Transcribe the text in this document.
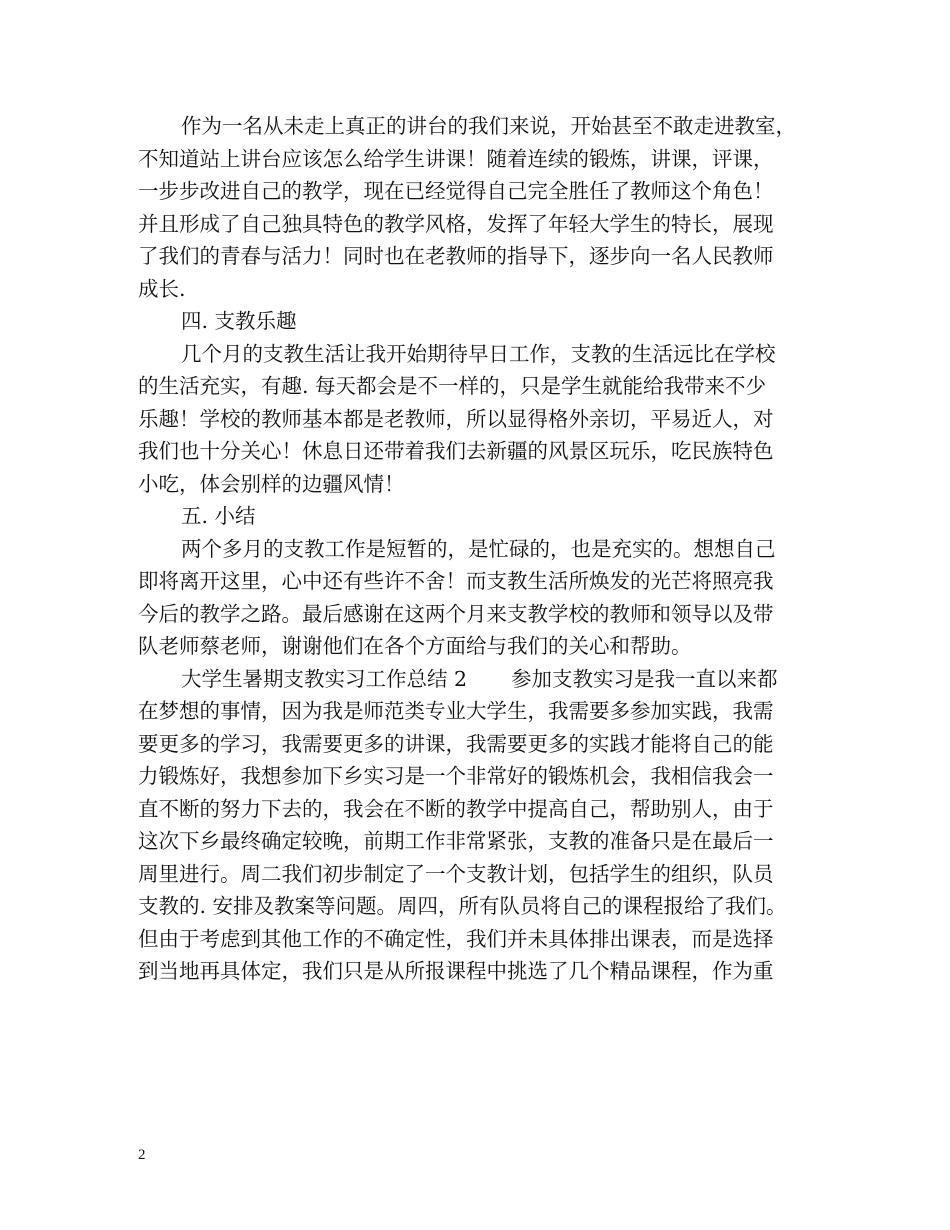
作为一名从未走上真正的讲台的我们来说，开始甚至不敢走进教室，
不知道站上讲台应该怎么给学生讲课！随着连续的锻炼，讲课，评课，
一步步改进自己的教学，现在已经觉得自己完全胜任了教师这个角色！
并且形成了自己独具特色的教学风格，发挥了年轻大学生的特长，展现
了我们的青春与活力！同时也在老教师的指导下，逐步向一名人民教师
成长.
四. 支教乐趣
几个月的支教生活让我开始期待早日工作，支教的生活远比在学校
的生活充实，有趣. 每天都会是不一样的，只是学生就能给我带来不少
乐趣！学校的教师基本都是老教师，所以显得格外亲切，平易近人，对
我们也十分关心！休息日还带着我们去新疆的风景区玩乐，吃民族特色
小吃，体会别样的边疆风情！
五. 小结
两个多月的支教工作是短暂的，是忙碌的，也是充实的。想想自己
即将离开这里，心中还有些许不舍！而支教生活所焕发的光芒将照亮我
今后的教学之路。最后感谢在这两个月来支教学校的教师和领导以及带
队老师蔡老师，谢谢他们在各个方面给与我们的关心和帮助。
大学生暑期支教实习工作总结 2 参加支教实习是我一直以来都
在梦想的事情，因为我是师范类专业大学生，我需要多参加实践，我需
要更多的学习，我需要更多的讲课，我需要更多的实践才能将自己的能
力锻炼好，我想参加下乡实习是一个非常好的锻炼机会，我相信我会一
直不断的努力下去的，我会在不断的教学中提高自己，帮助别人，由于
这次下乡最终确定较晚，前期工作非常紧张，支教的准备只是在最后一
周里进行。周二我们初步制定了一个支教计划，包括学生的组织，队员
支教的. 安排及教案等问题。周四，所有队员将自己的课程报给了我们。
但由于考虑到其他工作的不确定性，我们并未具体排出课表，而是选择
到当地再具体定，我们只是从所报课程中挑选了几个精品课程，作为重
2
